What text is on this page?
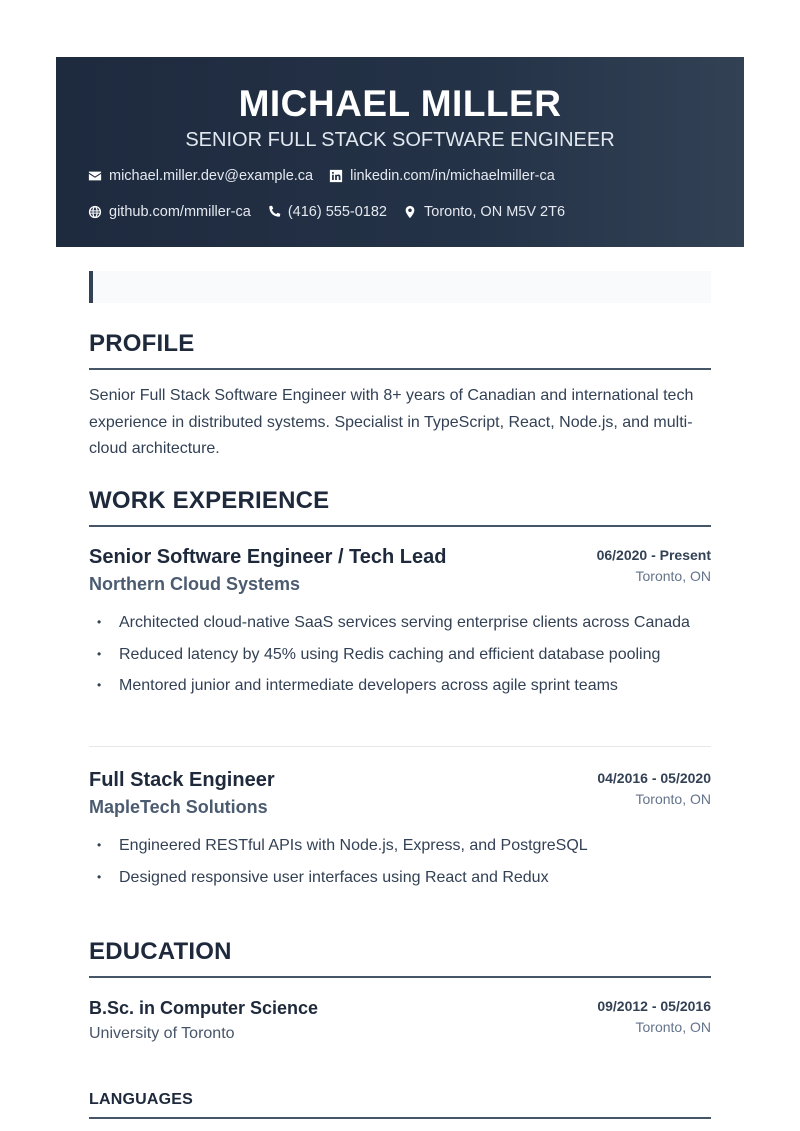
MICHAEL MILLER
SENIOR FULL STACK SOFTWARE ENGINEER
michael.miller.dev@example.ca	linkedin.com/in/michaelmiller-ca
github.com/mmiller-ca	(416) 555-0182	Toronto, ON M5V 2T6
PROFILE
Senior Full Stack Software Engineer with 8+ years of Canadian and international tech experience in distributed systems. Specialist in TypeScript, React, Node.js, and multi-cloud architecture.
WORK EXPERIENCE
Senior Software Engineer / Tech Lead
Northern Cloud Systems
06/2020 - Present
Toronto, ON
• Architected cloud-native SaaS services serving enterprise clients across Canada
• Reduced latency by 45% using Redis caching and efficient database pooling
• Mentored junior and intermediate developers across agile sprint teams
Full Stack Engineer
MapleTech Solutions
04/2016 - 05/2020
Toronto, ON
• Engineered RESTful APIs with Node.js, Express, and PostgreSQL
• Designed responsive user interfaces using React and Redux
EDUCATION
B.Sc. in Computer Science
University of Toronto
09/2012 - 05/2016
Toronto, ON
LANGUAGES
